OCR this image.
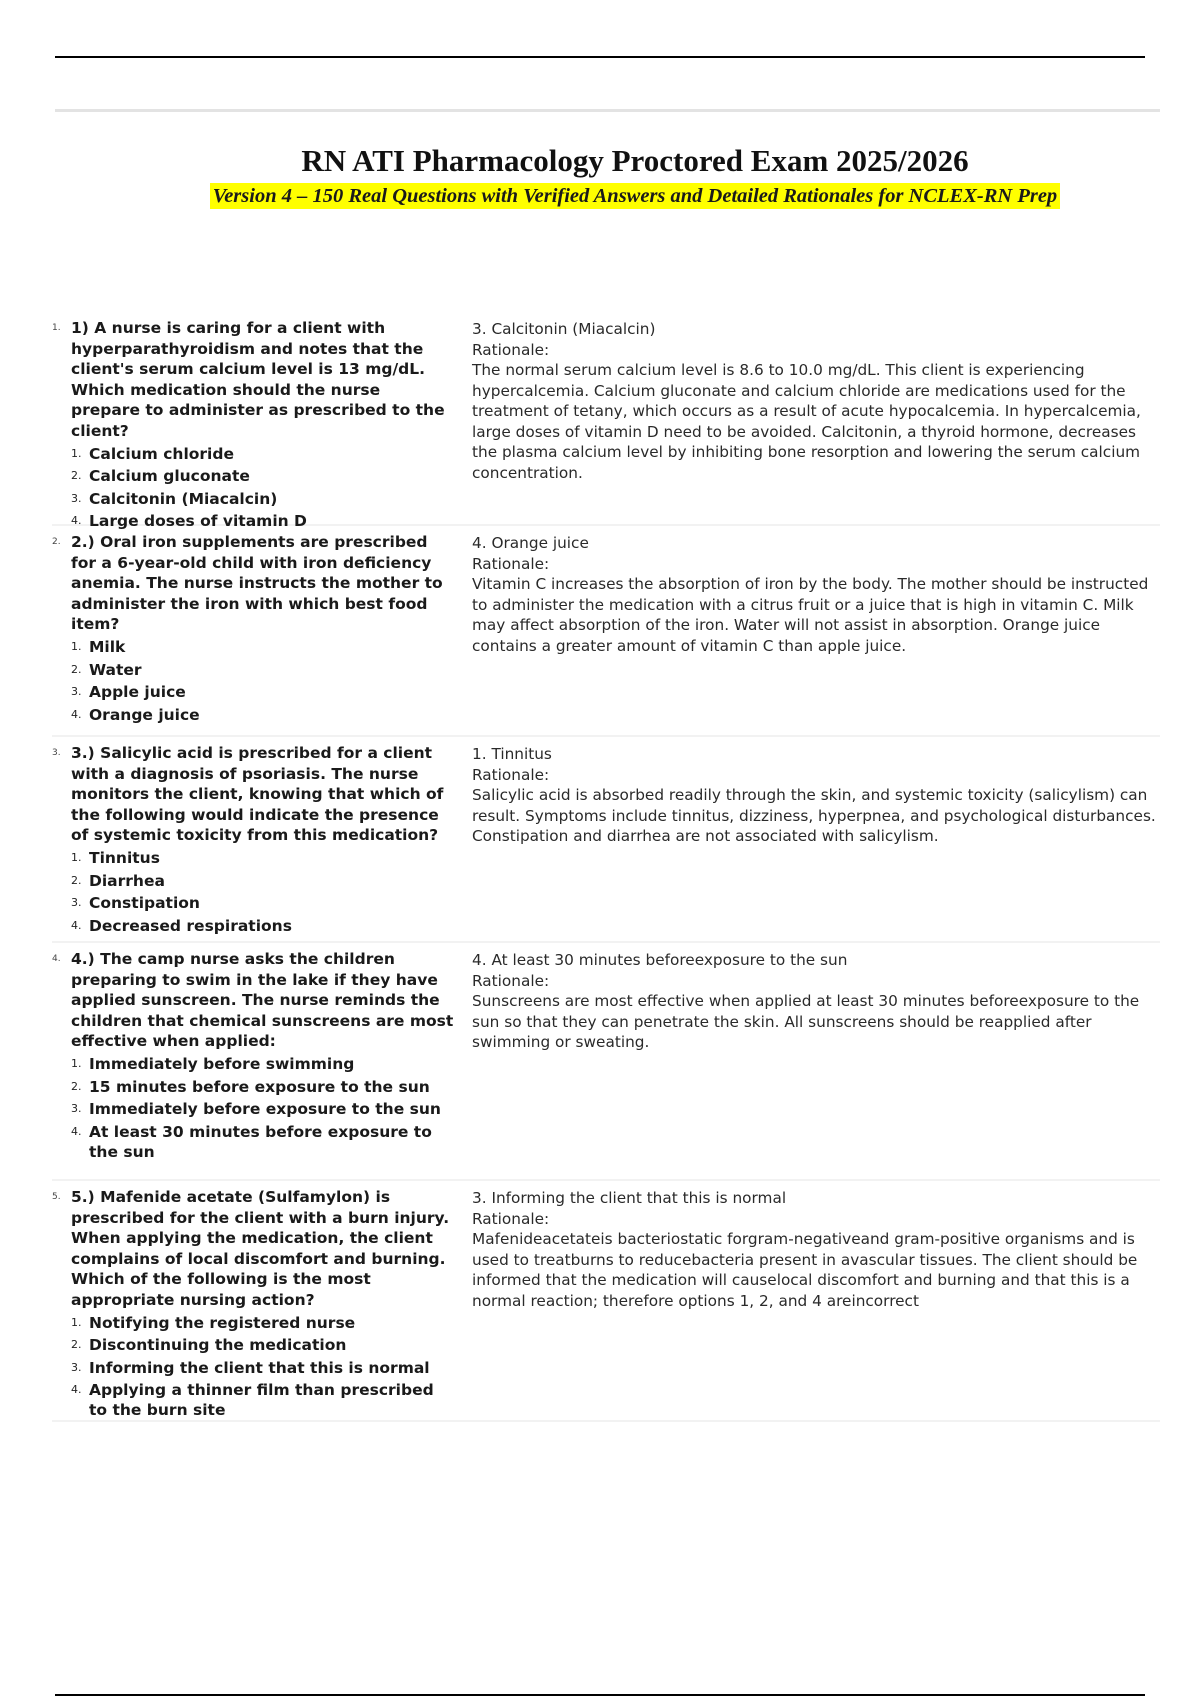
RN ATI Pharmacology Proctored Exam 2025/2026
Version 4 – 150 Real Questions with Verified Answers and Detailed Rationales for NCLEX-RN Prep
1. 1) A nurse is caring for a client with hyperparathyroidism and notes that the client's serum calcium level is 13 mg/dL. Which medication should the nurse prepare to administer as prescribed to the client?
1. Calcium chloride
2. Calcium gluconate
3. Calcitonin (Miacalcin)
4. Large doses of vitamin D

3. Calcitonin (Miacalcin)

Rationale:

The normal serum calcium level is 8.6 to 10.0 mg/dL. This client is experiencing hypercalcemia. Calcium gluconate and calcium chloride are medications used for the treatment of tetany, which occurs as a result of acute hypocalcemia. In hypercalcemia, large doses of vitamin D need to be avoided. Calcitonin, a thyroid hormone, decreases the plasma calcium level by inhibiting bone resorption and lowering the serum calcium concentration.

2. 2.) Oral iron supplements are prescribed for a 6-year-old child with iron deficiency anemia. The nurse instructs the mother to administer the iron with which best food item?
1. Milk
2. Water
3. Apple juice
4. Orange juice

4. Orange juice

Rationale:

Vitamin C increases the absorption of iron by the body. The mother should be instructed to administer the medication with a citrus fruit or a juice that is high in vitamin C. Milk may affect absorption of the iron. Water will not assist in absorption. Orange juice contains a greater amount of vitamin C than apple juice.

3. 3.) Salicylic acid is prescribed for a client with a diagnosis of psoriasis. The nurse monitors the client, knowing that which of the following would indicate the presence of systemic toxicity from this medication?
1. Tinnitus
2. Diarrhea
3. Constipation
4. Decreased respirations

1. Tinnitus

Rationale:

Salicylic acid is absorbed readily through the skin, and systemic toxicity (salicylism) can result. Symptoms include tinnitus, dizziness, hyperpnea, and psychological disturbances. Constipation and diarrhea are not associated with salicylism.

4. 4.) The camp nurse asks the children preparing to swim in the lake if they have applied sunscreen. The nurse reminds the children that chemical sunscreens are most effective when applied:
1. Immediately before swimming
2. 15 minutes before exposure to the sun
3. Immediately before exposure to the sun
4. At least 30 minutes before exposure to the sun

4. At least 30 minutes beforeexposure to the sun

Rationale:

Sunscreens are most effective when applied at least 30 minutes beforeexposure to the sun so that they can penetrate the skin. All sunscreens should be reapplied after swimming or sweating.

5. 5.) Mafenide acetate (Sulfamylon) is prescribed for the client with a burn injury. When applying the medication, the client complains of local discomfort and burning. Which of the following is the most appropriate nursing action?
1. Notifying the registered nurse
2. Discontinuing the medication
3. Informing the client that this is normal
4. Applying a thinner film than prescribed to the burn site

3. Informing the client that this is normal

Rationale:

Mafenideacetateis bacteriostatic forgram-negativeand gram-positive organisms and is used to treatburns to reducebacteria present in avascular tissues. The client should be informed that the medication will causelocal discomfort and burning and that this is a normal reaction; therefore options 1, 2, and 4 areincorrect
